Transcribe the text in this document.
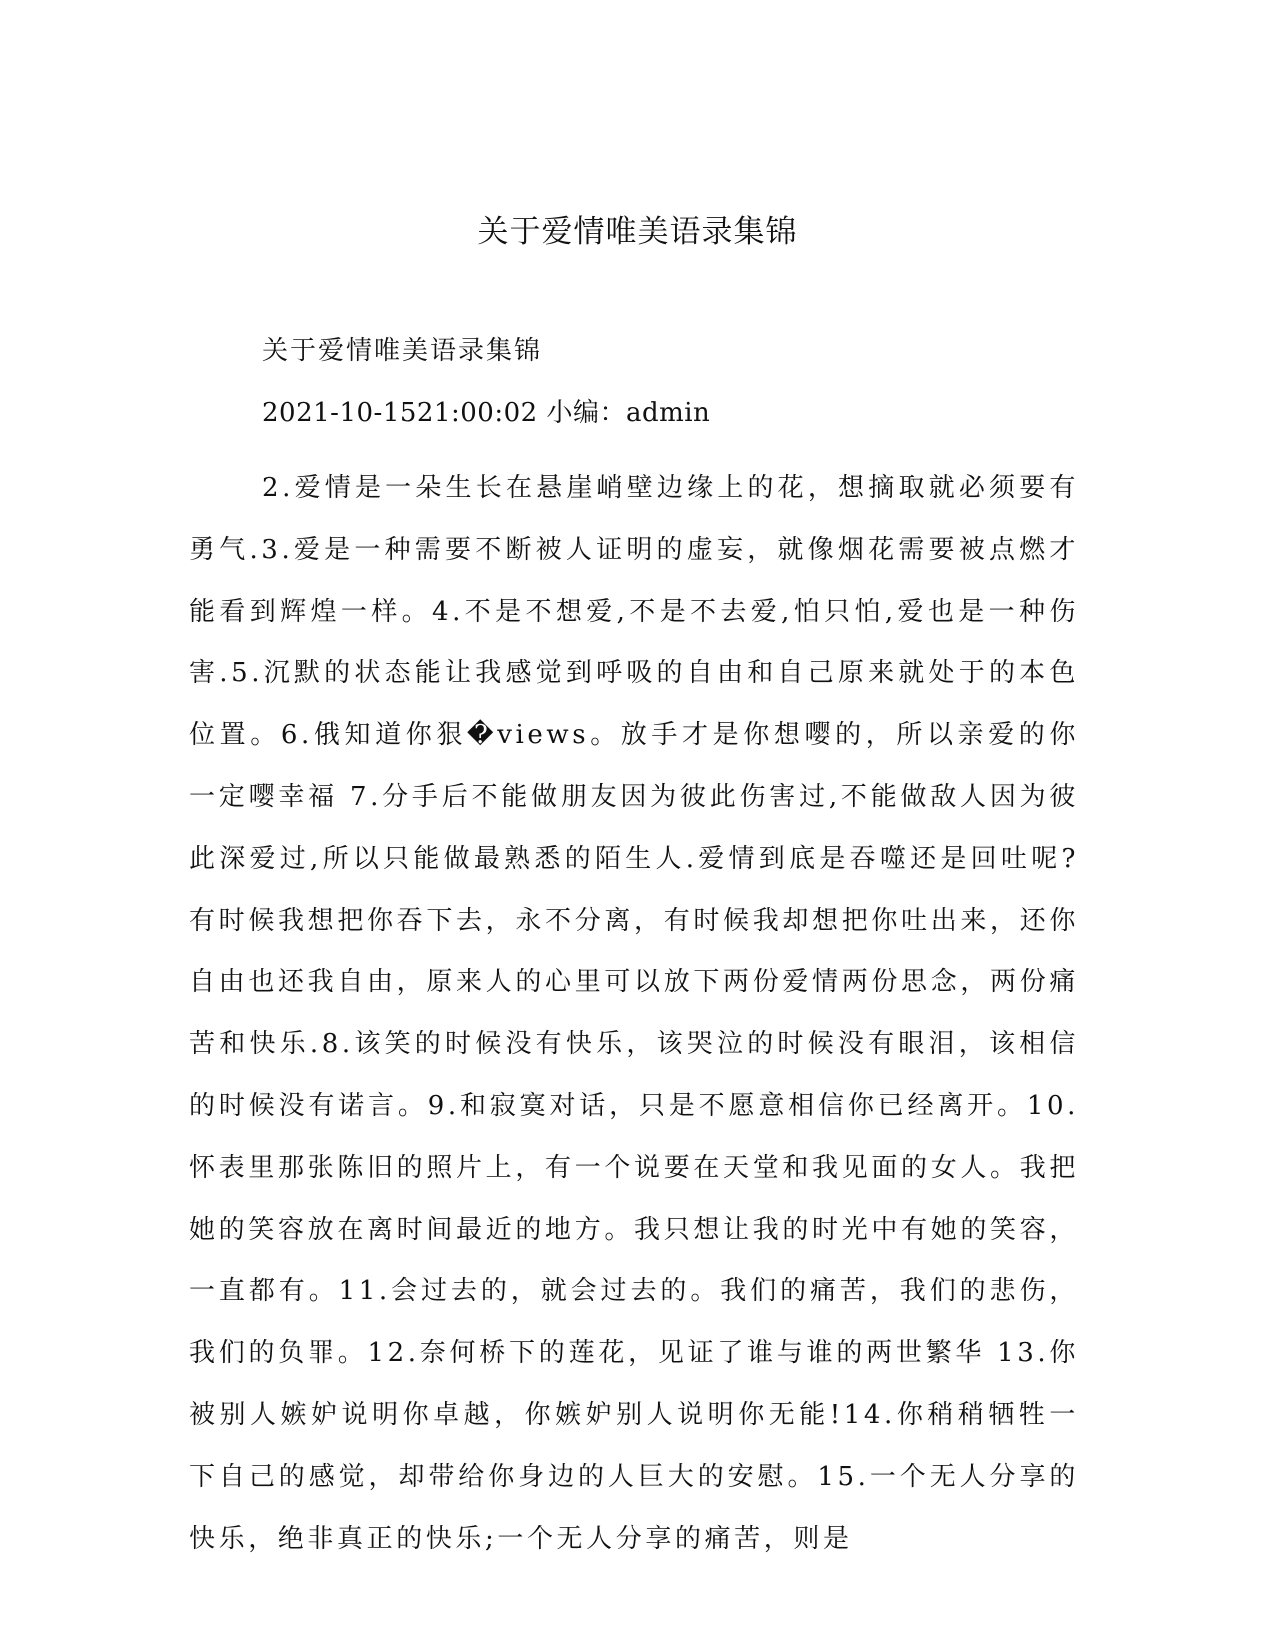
关于爱情唯美语录集锦

关于爱情唯美语录集锦

2021-10-1521:00:02 小编：admin

2.爱情是一朵生长在悬崖峭壁边缘上的花，想摘取就必须要有勇气.3.爱是一种需要不断被人证明的虚妄，就像烟花需要被点燃才能看到辉煌一样。4.不是不想爱,不是不去爱,怕只怕,爱也是一种伤害.5.沉默的状态能让我感觉到呼吸的自由和自己原来就处于的本色位置。6.俄知道你狠�views。放手才是你想嘤的，所以亲爱的你一定嘤幸福 7.分手后不能做朋友因为彼此伤害过,不能做敌人因为彼此深爱过,所以只能做最熟悉的陌生人.爱情到底是吞噬还是回吐呢?有时候我想把你吞下去，永不分离，有时候我却想把你吐出来，还你自由也还我自由，原来人的心里可以放下两份爱情两份思念，两份痛苦和快乐.8.该笑的时候没有快乐，该哭泣的时候没有眼泪，该相信的时候没有诺言。9.和寂寞对话，只是不愿意相信你已经离开。10.怀表里那张陈旧的照片上，有一个说要在天堂和我见面的女人。我把她的笑容放在离时间最近的地方。我只想让我的时光中有她的笑容，一直都有。11.会过去的，就会过去的。我们的痛苦，我们的悲伤，我们的负罪。12.奈何桥下的莲花，见证了谁与谁的两世繁华 13.你被别人嫉妒说明你卓越，你嫉妒别人说明你无能!14.你稍稍牺牲一下自己的感觉，却带给你身边的人巨大的安慰。15.一个无人分享的快乐，绝非真正的快乐;一个无人分享的痛苦，则是
